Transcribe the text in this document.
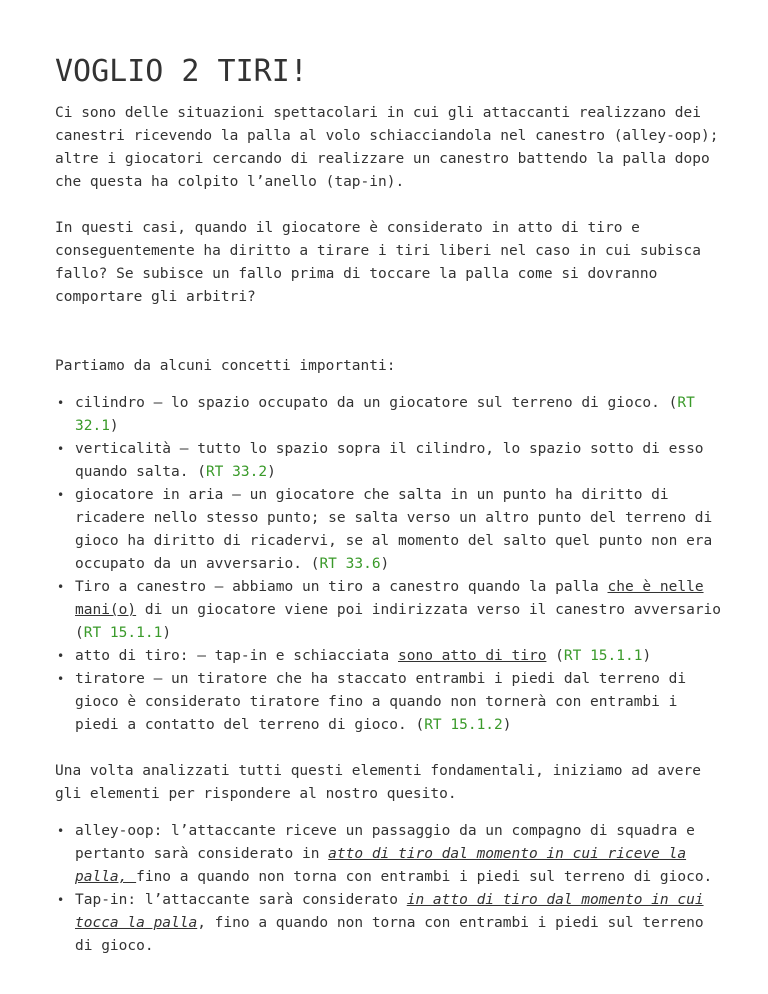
VOGLIO 2 TIRI!

Ci sono delle situazioni spettacolari in cui gli attaccanti realizzano dei canestri ricevendo la palla al volo schiacciandola nel canestro (alley-oop); altre i giocatori cercando di realizzare un canestro battendo la palla dopo che questa ha colpito l’anello (tap-in).

In questi casi, quando il giocatore è considerato in atto di tiro e conseguentemente ha diritto a tirare i tiri liberi nel caso in cui subisca fallo? Se subisce un fallo prima di toccare la palla come si dovranno comportare gli arbitri?

Partiamo da alcuni concetti importanti:

• cilindro – lo spazio occupato da un giocatore sul terreno di gioco. (RT 32.1)
• verticalità – tutto lo spazio sopra il cilindro, lo spazio sotto di esso quando salta. (RT 33.2)
• giocatore in aria – un giocatore che salta in un punto ha diritto di ricadere nello stesso punto; se salta verso un altro punto del terreno di gioco ha diritto di ricadervi, se al momento del salto quel punto non era occupato da un avversario. (RT 33.6)
• Tiro a canestro – abbiamo un tiro a canestro quando la palla che è nelle mani(o) di un giocatore viene poi indirizzata verso il canestro avversario (RT 15.1.1)
• atto di tiro: – tap-in e schiacciata sono atto di tiro (RT 15.1.1)
• tiratore – un tiratore che ha staccato entrambi i piedi dal terreno di gioco è considerato tiratore fino a quando non tornerà con entrambi i piedi a contatto del terreno di gioco. (RT 15.1.2)

Una volta analizzati tutti questi elementi fondamentali, iniziamo ad avere gli elementi per rispondere al nostro quesito.

• alley-oop: l’attaccante riceve un passaggio da un compagno di squadra e pertanto sarà considerato in atto di tiro dal momento in cui riceve la palla, fino a quando non torna con entrambi i piedi sul terreno di gioco.
• Tap-in: l’attaccante sarà considerato in atto di tiro dal momento in cui tocca la palla, fino a quando non torna con entrambi i piedi sul terreno di gioco.
